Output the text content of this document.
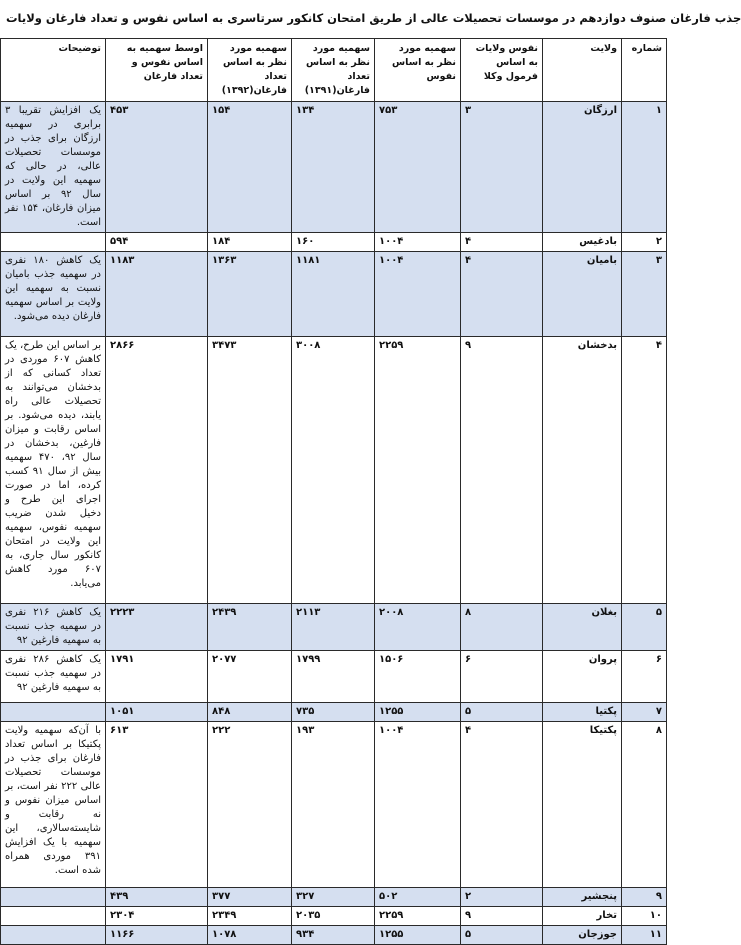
جذب فارغان صنوف دوازدهم در موسسات تحصیلات عالی از طریق امتحان کانکور سرتاسری به اساس نفوس و تعداد فارغان ولایات
شماره	ولایت	نفوس ولایات به اساس فرمول وکلا	سهمیه مورد نظر به اساس نفوس	سهمیه مورد نظر به اساس تعداد فارغان(۱۳۹۱)	سهمیه مورد نظر به اساس تعداد فارغان(۱۳۹۲)	اوسط سهمیه به اساس نفوس و تعداد فارغان	توضیحات
۱	ارزگان	۳	۷۵۳	۱۳۴	۱۵۴	۴۵۳	یک افزایش تقریبا ۳ برابری در سهمیه ارزگان برای جذب در موسسات تحصیلات عالی، در حالی که سهمیه این ولایت در سال ۹۲ بر اساس میزان فارغان، ۱۵۴ نفر است.
۲	بادغیس	۴	۱۰۰۴	۱۶۰	۱۸۴	۵۹۴	
۳	بامیان	۴	۱۰۰۴	۱۱۸۱	۱۳۶۳	۱۱۸۳	یک کاهش ۱۸۰ نفری در سهمیه جذب بامیان نسبت به سهمیه این ولایت بر اساس سهمیه فارغان دیده می‌شود.
۴	بدخشان	۹	۲۲۵۹	۳۰۰۸	۳۴۷۳	۲۸۶۶	بر اساس این طرح، یک کاهش ۶۰۷ موردی در تعداد کسانی که از بدخشان می‌توانند به تحصیلات عالی راه یابند، دیده می‌شود. بر اساس رقابت و میزان فارغین، بدخشان در سال ۹۲، ۴۷۰ سهمیه بیش از سال ۹۱ کسب کرده، اما در صورت اجرای این طرح و دخیل شدن ضریب سهمیه نفوس، سهمیه این ولایت در امتحان کانکور سال جاری، به ۶۰۷ مورد کاهش می‌یابد.
۵	بغلان	۸	۲۰۰۸	۲۱۱۳	۲۴۳۹	۲۲۲۳	یک کاهش ۲۱۶ نفری در سهمیه جذب نسبت به سهمیه فارغین ۹۲
۶	پروان	۶	۱۵۰۶	۱۷۹۹	۲۰۷۷	۱۷۹۱	یک کاهش ۲۸۶ نفری در سهمیه جذب نسبت به سهمیه فارغین ۹۲
۷	پکتیا	۵	۱۲۵۵	۷۳۵	۸۴۸	۱۰۵۱	
۸	پکتیکا	۴	۱۰۰۴	۱۹۳	۲۲۲	۶۱۳	با آن‌که سهمیه ولایت پکتیکا بر اساس تعداد فارغان برای جذب در موسسات تحصیلات عالی ۲۲۲ نفر است، بر اساس میزان نفوس و نه رقابت و شایسته‌سالاری، این سهمیه با یک افزایش ۳۹۱ موردی همراه شده است.
۹	پنجشیر	۲	۵۰۲	۳۲۷	۳۷۷	۴۳۹	
۱۰	تخار	۹	۲۲۵۹	۲۰۳۵	۲۳۴۹	۲۳۰۴	
۱۱	جوزجان	۵	۱۲۵۵	۹۳۴	۱۰۷۸	۱۱۶۶	
